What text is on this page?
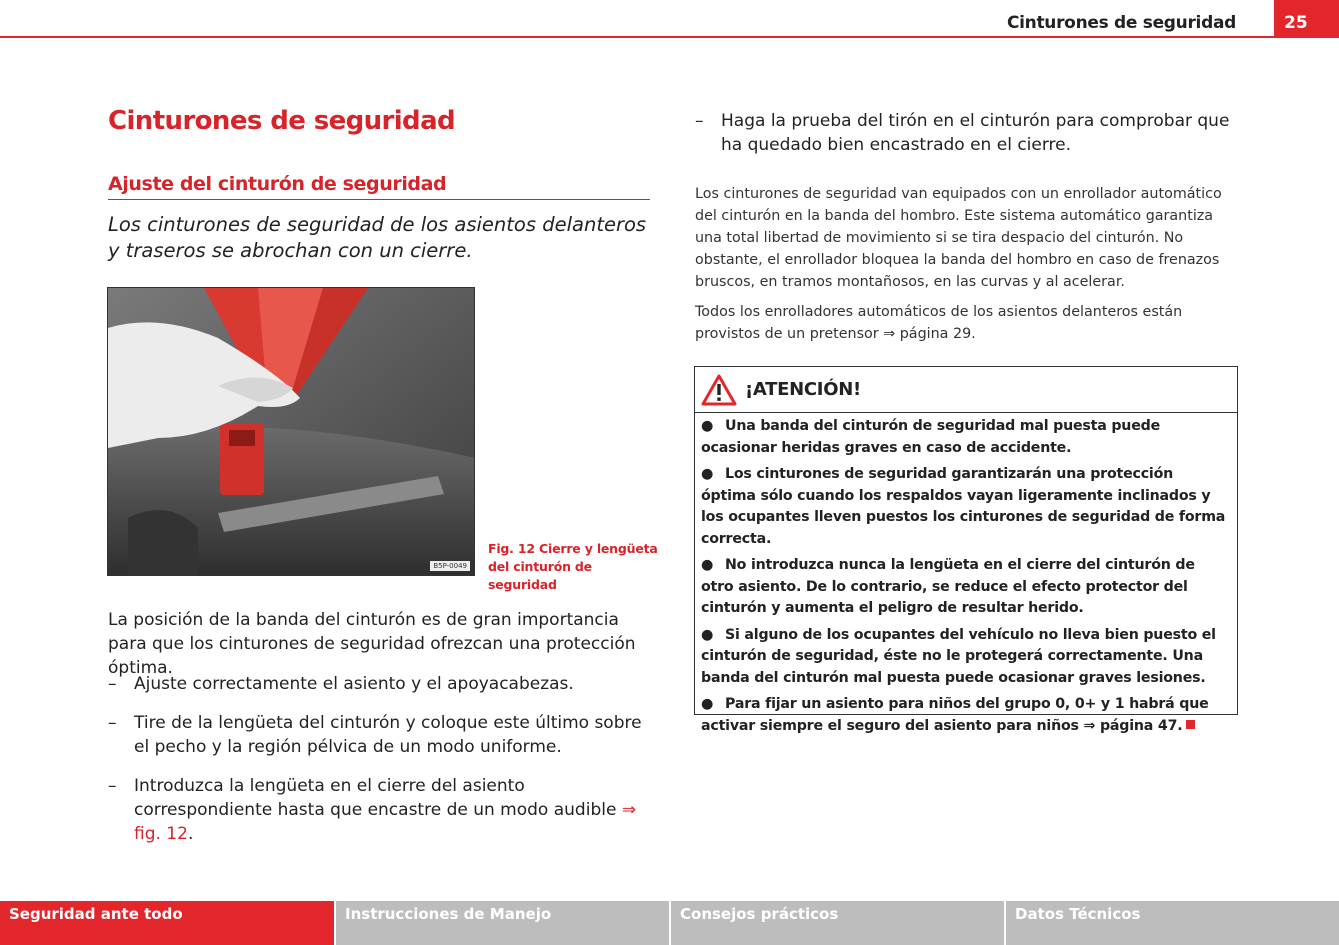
Cinturones de seguridad	25
Cinturones de seguridad
Ajuste del cinturón de seguridad
Los cinturones de seguridad de los asientos delanteros y traseros se abrochan con un cierre.
B5P-0049
Fig. 12 Cierre y lengüeta
del cinturón de seguridad
La posición de la banda del cinturón es de gran importancia para que los cinturones de seguridad ofrezcan una protección óptima.
– Ajuste correctamente el asiento y el apoyacabezas.
– Tire de la lengüeta del cinturón y coloque este último sobre el pecho y la región pélvica de un modo uniforme.
– Introduzca la lengüeta en el cierre del asiento correspondiente hasta que encastre de un modo audible ⇒ fig. 12.
– Haga la prueba del tirón en el cinturón para comprobar que ha quedado bien encastrado en el cierre.
Los cinturones de seguridad van equipados con un enrollador automático del cinturón en la banda del hombro. Este sistema automático garantiza una total libertad de movimiento si se tira despacio del cinturón. No obstante, el enrollador bloquea la banda del hombro en caso de frenazos bruscos, en tramos montañosos, en las curvas y al acelerar.
Todos los enrolladores automáticos de los asientos delanteros están provistos de un pretensor ⇒ página 29.
¡ATENCIÓN!
● Una banda del cinturón de seguridad mal puesta puede ocasionar heridas graves en caso de accidente.
● Los cinturones de seguridad garantizarán una protección óptima sólo cuando los respaldos vayan ligeramente inclinados y los ocupantes lleven puestos los cinturones de seguridad de forma correcta.
● No introduzca nunca la lengüeta en el cierre del cinturón de otro asiento. De lo contrario, se reduce el efecto protector del cinturón y aumenta el peligro de resultar herido.
● Si alguno de los ocupantes del vehículo no lleva bien puesto el cinturón de seguridad, éste no le protegerá correctamente. Una banda del cinturón mal puesta puede ocasionar graves lesiones.
● Para fijar un asiento para niños del grupo 0, 0+ y 1 habrá que activar siempre el seguro del asiento para niños ⇒ página 47.
Seguridad ante todo	Instrucciones de Manejo	Consejos prácticos	Datos Técnicos
